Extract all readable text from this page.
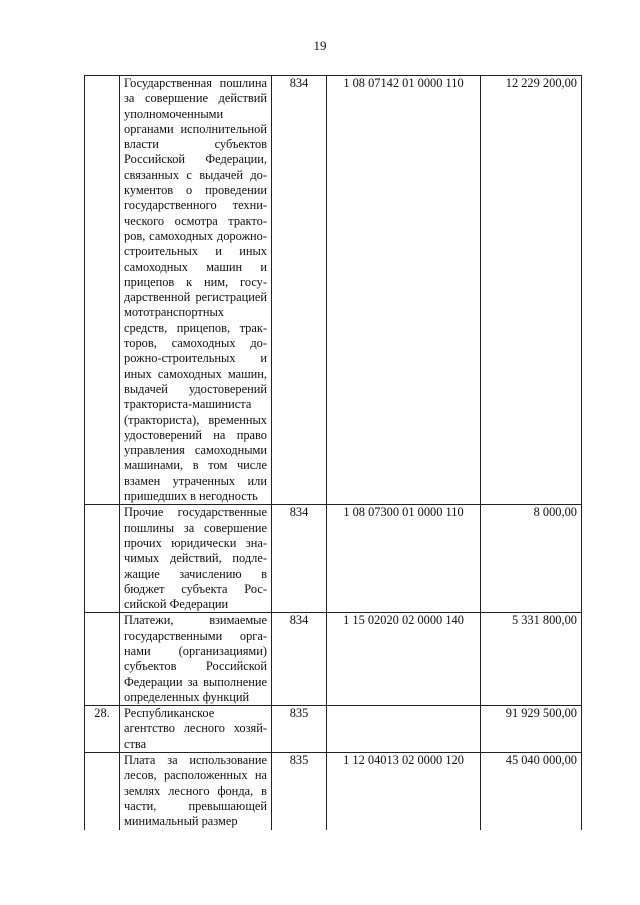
19
	Государственная пошлина за совершение действий уполномоченными органами исполнительной власти субъектов Российской Федерации, связанных с выдачей документов о проведении государственного технического осмотра тракторов, самоходных дорожно-строительных и иных самоходных машин и прицепов к ним, государственной регистрацией мототранспортных средств, прицепов, тракторов, самоходных дорожно-строительных и иных самоходных машин, выдачей удостоверений тракториста-машиниста (тракториста), временных удостоверений на право управления самоходными машинами, в том числе взамен утраченных или пришедших в негодность	834	1 08 07142 01 0000 110	12 229 200,00
	Прочие государственные пошлины за совершение прочих юридически значимых действий, подлежащие зачислению в бюджет субъекта Российской Федерации	834	1 08 07300 01 0000 110	8 000,00
	Платежи, взимаемые государственными органами (организациями) субъектов Российской Федерации за выполнение определенных функций	834	1 15 02020 02 0000 140	5 331 800,00
28.	Республиканское агентство лесного хозяйства	835		91 929 500,00
	Плата за использование лесов, расположенных на землях лесного фонда, в части, превышающей минимальный размер	835	1 12 04013 02 0000 120	45 040 000,00
